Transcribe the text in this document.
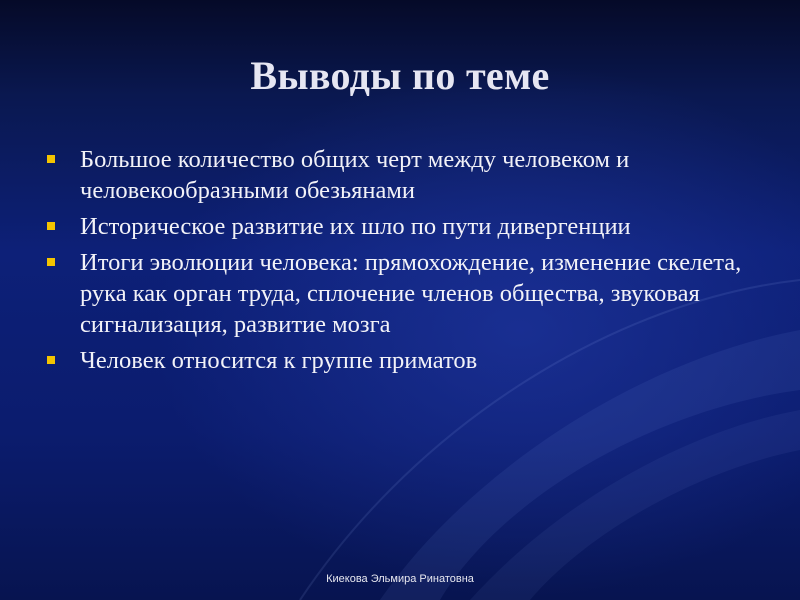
Выводы по теме
Большое количество общих черт между человеком и человекообразными обезьянами
Историческое развитие их шло по пути дивергенции
Итоги эволюции человека: прямохождение, изменение скелета, рука как орган труда, сплочение членов общества, звуковая сигнализация, развитие мозга
Человек относится к группе приматов
Киекова Эльмира Ринатовна
